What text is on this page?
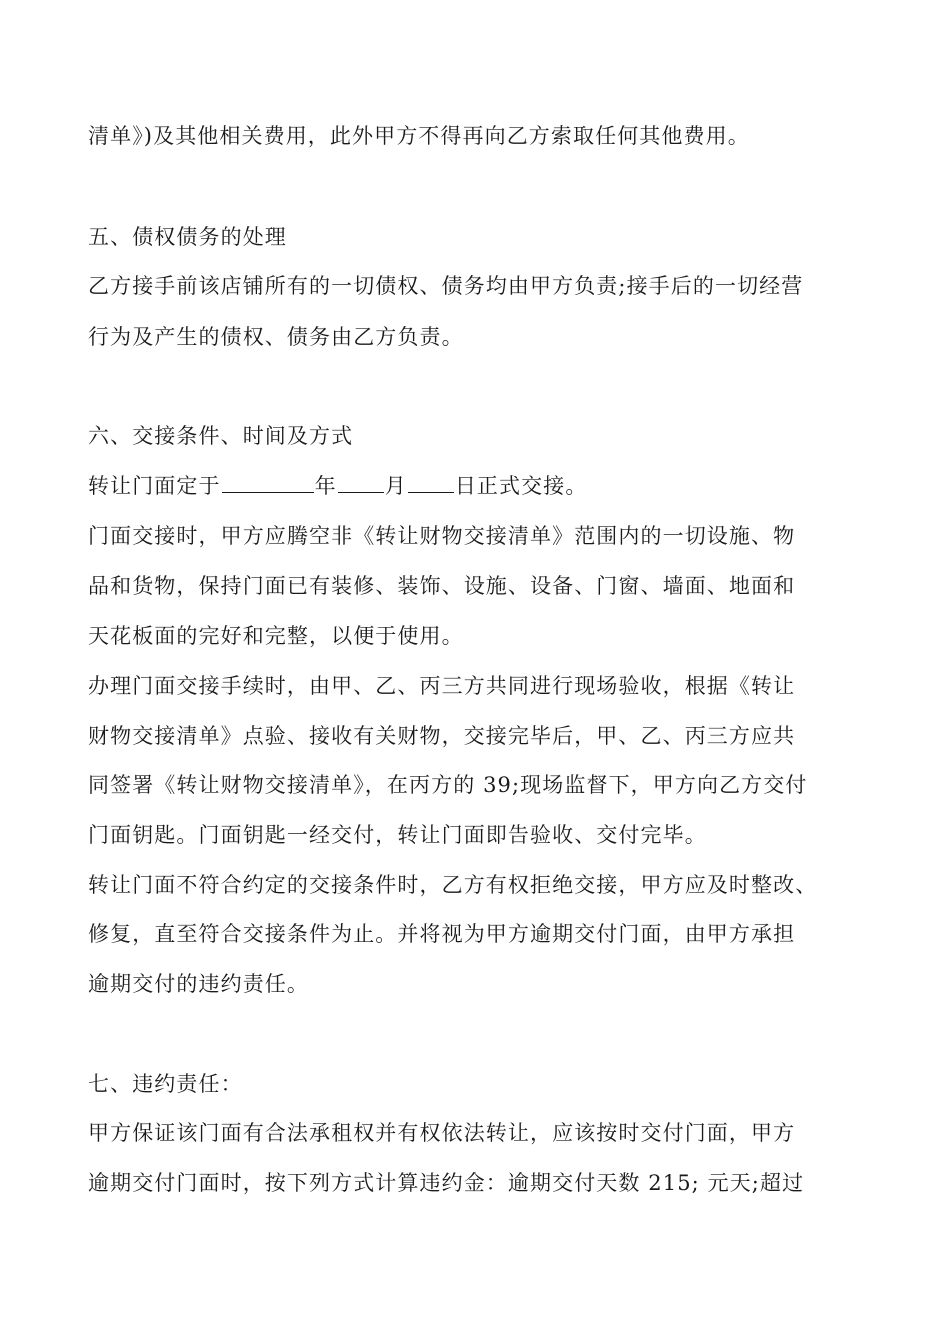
清单》)及其他相关费用，此外甲方不得再向乙方索取任何其他费用。
五、债权债务的处理
乙方接手前该店铺所有的一切债权、债务均由甲方负责;接手后的一切经营
行为及产生的债权、债务由乙方负责。
六、交接条件、时间及方式
转让门面定于	年 月 日正式交接。
门面交接时，甲方应腾空非《转让财物交接清单》范围内的一切设施、物
品和货物，保持门面已有装修、装饰、设施、设备、门窗、墙面、地面和
天花板面的完好和完整，以便于使用。
办理门面交接手续时，由甲、乙、丙三方共同进行现场验收，根据《转让
财物交接清单》点验、接收有关财物，交接完毕后，甲、乙、丙三方应共
同签署《转让财物交接清单》，在丙方的 39;现场监督下，甲方向乙方交付
门面钥匙。门面钥匙一经交付，转让门面即告验收、交付完毕。
转让门面不符合约定的交接条件时，乙方有权拒绝交接，甲方应及时整改、
修复，直至符合交接条件为止。并将视为甲方逾期交付门面，由甲方承担
逾期交付的违约责任。
七、违约责任：
甲方保证该门面有合法承租权并有权依法转让，应该按时交付门面，甲方
逾期交付门面时，按下列方式计算违约金：逾期交付天数 215; 元天;超过
